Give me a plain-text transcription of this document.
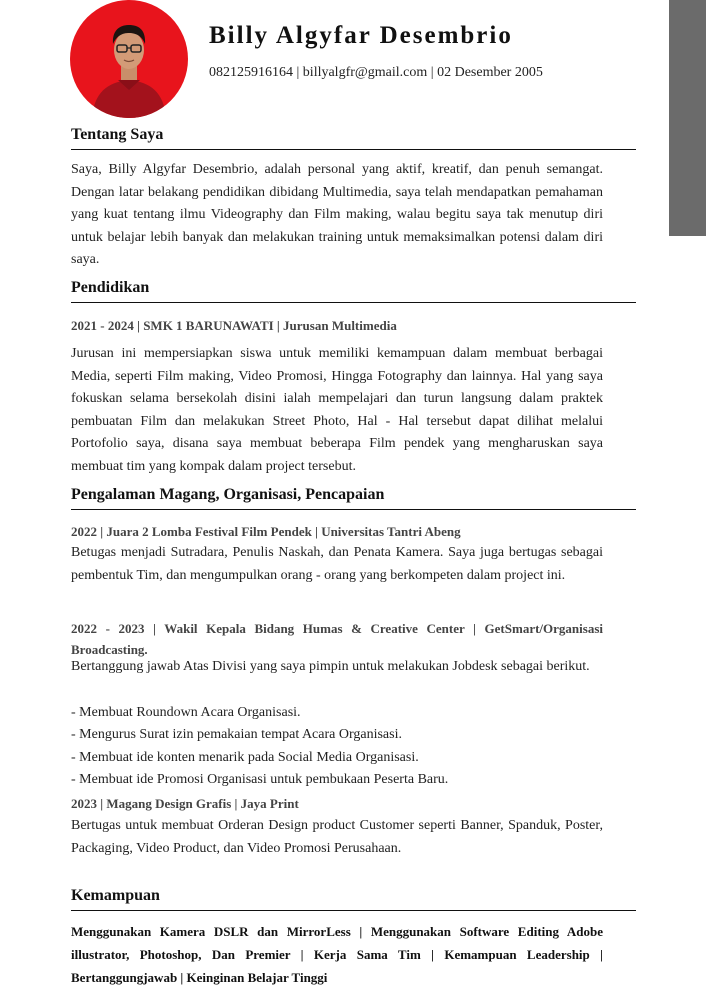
Billy Algyfar Desembrio
082125916164 | billyalgfr@gmail.com | 02 Desember 2005
Tentang Saya

Saya, Billy Algyfar Desembrio, adalah personal yang aktif, kreatif, dan penuh semangat. Dengan latar belakang pendidikan dibidang Multimedia, saya telah mendapatkan pemahaman yang kuat tentang ilmu Videography dan Film making, walau begitu saya tak menutup diri untuk belajar lebih banyak dan melakukan training untuk memaksimalkan potensi dalam diri saya.

Pendidikan
2021 - 2024 | SMK 1 BARUNAWATI | Jurusan Multimedia

Jurusan ini mempersiapkan siswa untuk memiliki kemampuan dalam membuat berbagai Media, seperti Film making, Video Promosi, Hingga Fotography dan lainnya. Hal yang saya fokuskan selama bersekolah disini ialah mempelajari dan turun langsung dalam praktek pembuatan Film dan melakukan Street Photo, Hal - Hal tersebut dapat dilihat melalui Portofolio saya, disana saya membuat beberapa Film pendek yang mengharuskan saya membuat tim yang kompak dalam project tersebut.

Pengalaman Magang, Organisasi, Pencapaian
2022 | Juara 2 Lomba Festival Film Pendek | Universitas Tantri Abeng

Betugas menjadi Sutradara, Penulis Naskah, dan Penata Kamera. Saya juga bertugas sebagai pembentuk Tim, dan mengumpulkan orang - orang yang berkompeten dalam project ini.

2022 - 2023 | Wakil Kepala Bidang Humas & Creative Center | GetSmart/Organisasi Broadcasting.

Bertanggung jawab Atas Divisi yang saya pimpin untuk melakukan Jobdesk sebagai berikut.

- Membuat Roundown Acara Organisasi.
- Mengurus Surat izin pemakaian tempat Acara Organisasi.
- Membuat ide konten menarik pada Social Media Organisasi.
- Membuat ide Promosi Organisasi untuk pembukaan Peserta Baru.
2023 | Magang Design Grafis | Jaya Print

Bertugas untuk membuat Orderan Design product Customer seperti Banner, Spanduk, Poster, Packaging, Video Product, dan Video Promosi Perusahaan.

Kemampuan
Menggunakan Kamera DSLR dan MirrorLess | Menggunakan Software Editing Adobe illustrator, Photoshop, Dan Premier | Kerja Sama Tim | Kemampuan Leadership | Bertanggungjawab | Keinginan Belajar Tinggi
